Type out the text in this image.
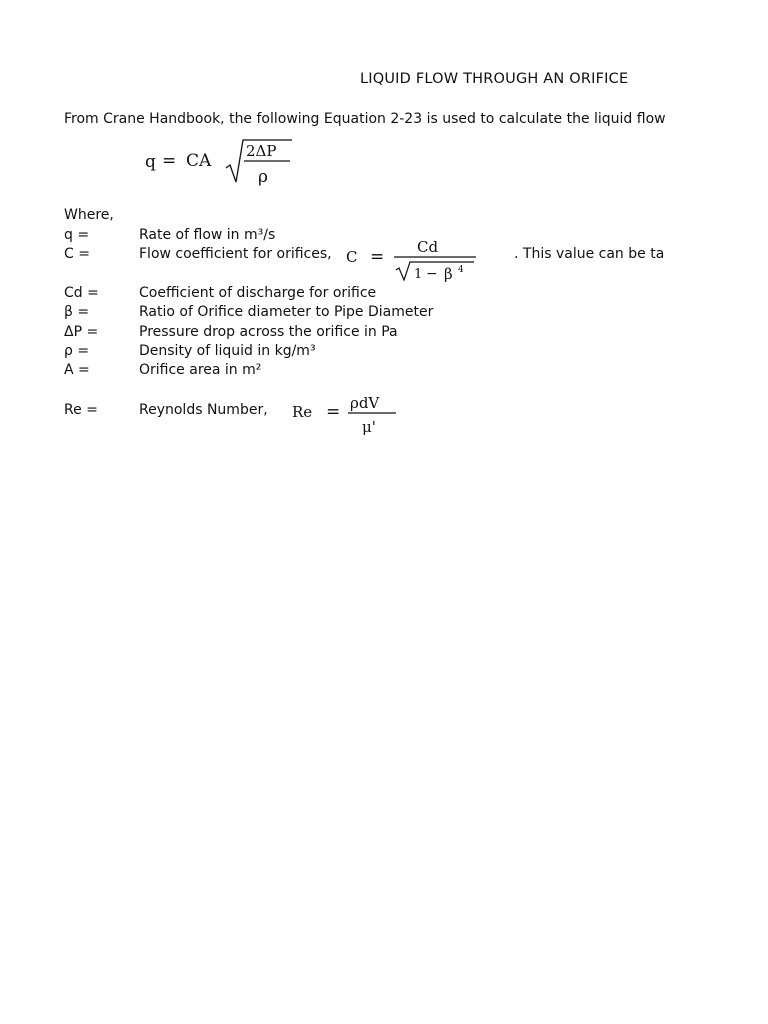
LIQUID FLOW THROUGH AN ORIFICE
From Crane Handbook, the following Equation 2-23 is used to calculate the liquid flow
q = CA 2ΔP
ρ
Where,
q =	Rate of flow in m³/s
C =	Flow coefficient for orifices, C = Cd
1 − β 4
. This value can be ta
Cd =	Coefficient of discharge for orifice
β =	Ratio of Orifice diameter to Pipe Diameter
ΔP =	Pressure drop across the orifice in Pa
ρ =	Density of liquid in kg/m³
A =	Orifice area in m²
Re =	Reynolds Number, Re = ρdV
μ'
